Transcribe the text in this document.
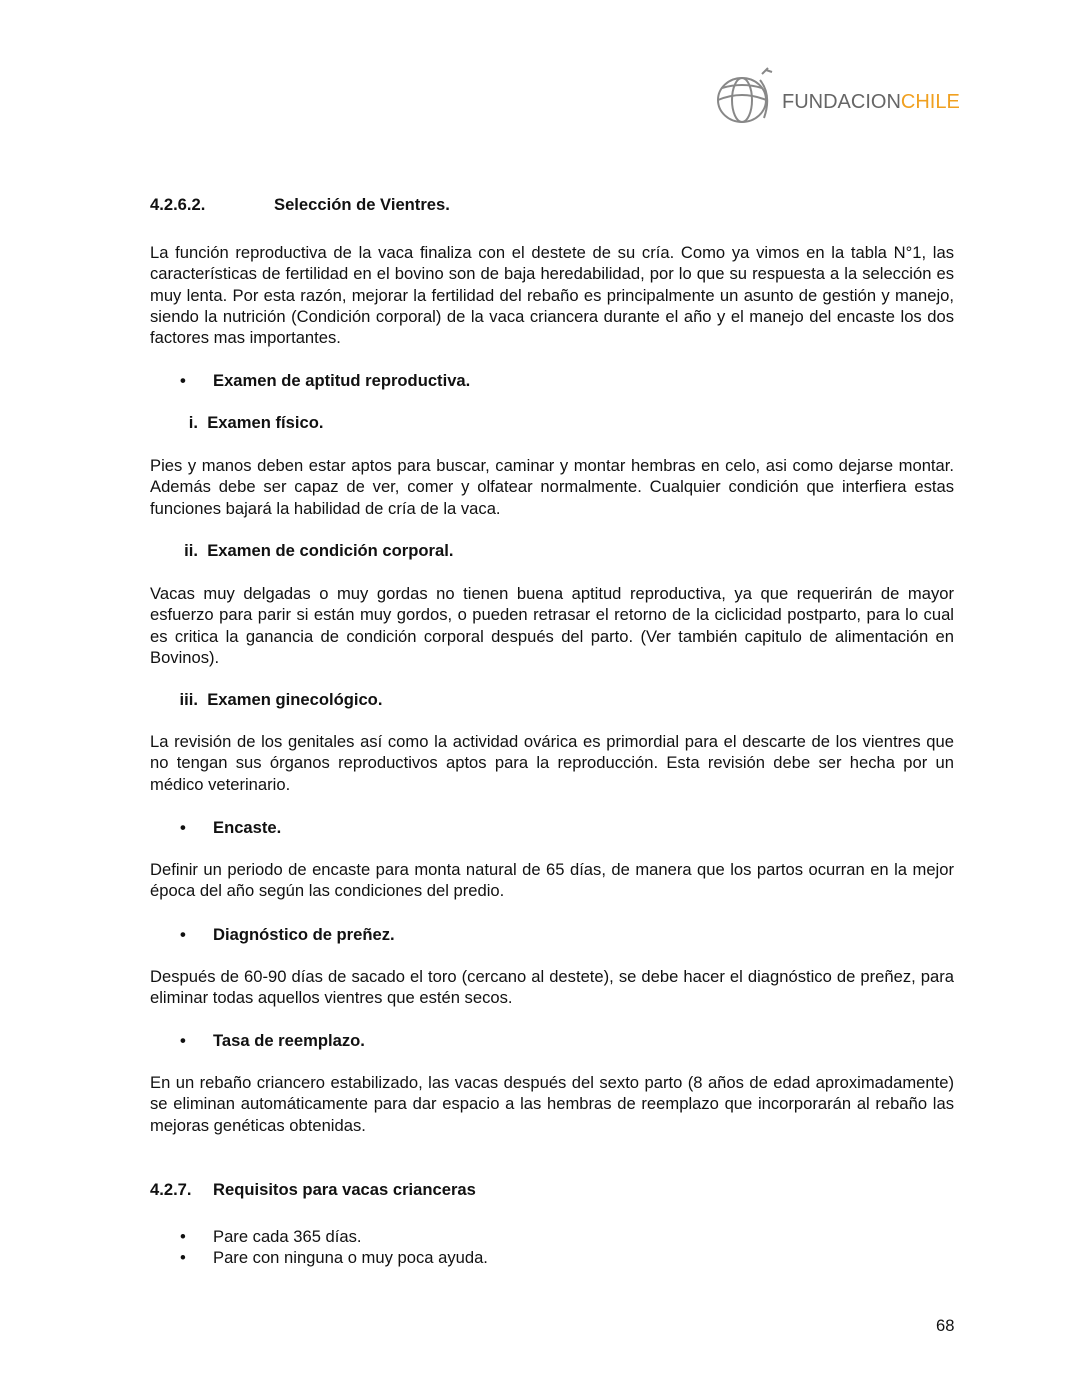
FUNDACIONCHILE
4.2.6.2.	Selección de Vientres.

La función reproductiva de la vaca finaliza con el destete de su cría. Como ya vimos en la tabla N°1, las características de fertilidad en el bovino son de baja heredabilidad, por lo que su respuesta a la selección es muy lenta. Por esta razón, mejorar la fertilidad del rebaño es principalmente un asunto de gestión y manejo, siendo la nutrición (Condición corporal) de la vaca criancera durante el año y el manejo del encaste los dos factores mas importantes.

• Examen de aptitud reproductiva.
i. Examen físico.

Pies y manos deben estar aptos para buscar, caminar y montar hembras en celo, asi como dejarse montar. Además debe ser capaz de ver, comer y olfatear normalmente. Cualquier condición que interfiera estas funciones bajará la habilidad de cría de la vaca.

ii. Examen de condición corporal.

Vacas muy delgadas o muy gordas no tienen buena aptitud reproductiva, ya que requerirán de mayor esfuerzo para parir si están muy gordos, o pueden retrasar el retorno de la ciclicidad postparto, para lo cual es critica la ganancia de condición corporal después del parto. (Ver también capitulo de alimentación en Bovinos).

iii. Examen ginecológico.

La revisión de los genitales así como la actividad ovárica es primordial para el descarte de los vientres que no tengan sus órganos reproductivos aptos para la reproducción. Esta revisión debe ser hecha por un médico veterinario.

• Encaste.

Definir un periodo de encaste para monta natural de 65 días, de manera que los partos ocurran en la mejor época del año según las condiciones del predio.

• Diagnóstico de preñez.

Después de 60-90 días de sacado el toro (cercano al destete), se debe hacer el diagnóstico de preñez, para eliminar todas aquellos vientres que estén secos.

• Tasa de reemplazo.

En un rebaño criancero estabilizado, las vacas después del sexto parto (8 años de edad aproximadamente) se eliminan automáticamente para dar espacio a las hembras de reemplazo que incorporarán al rebaño las mejoras genéticas obtenidas.

4.2.7. Requisitos para vacas crianceras
• Pare cada 365 días.
• Pare con ninguna o muy poca ayuda.
68
